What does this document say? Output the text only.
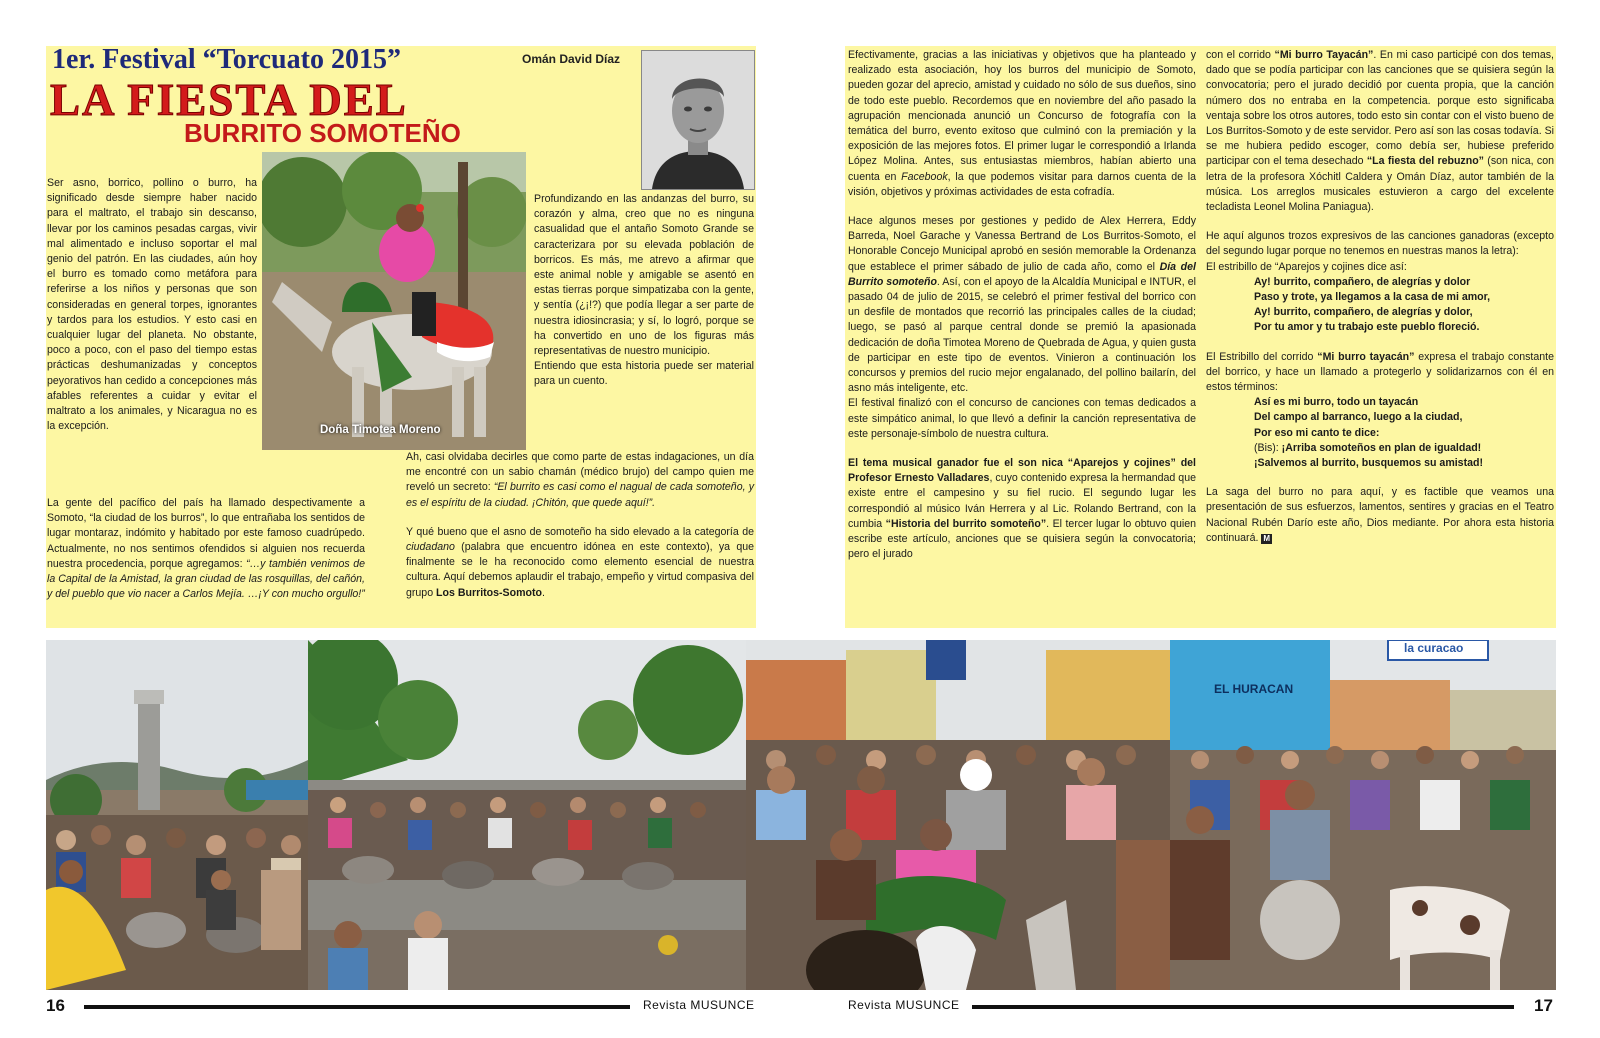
1er. Festival “Torcuato 2015”	Omán David Díaz
LA FIESTA DEL
BURRITO SOMOTEÑO
Doña Timotea Moreno

Ser asno, borrico, pollino o burro, ha significado desde siempre haber nacido para el maltrato, el trabajo sin descanso, llevar por los caminos pesadas cargas, vivir mal alimentado e incluso soportar el mal genio del patrón. En las ciudades, aún hoy el burro es tomado como metáfora para referirse a los niños y personas que son consideradas en general torpes, ignorantes y tardos para los estudios. Y esto casi en cualquier lugar del planeta. No obstante, poco a poco, con el paso del tiempo estas prácticas deshumanizadas y conceptos peyorativos han cedido a concepciones más afables referentes a cuidar y evitar el maltrato a los animales, y Nicaragua no es la excepción.

La gente del pacífico del país ha llamado despectivamente a Somoto, “la ciudad de los burros”, lo que entrañaba los sentidos de lugar montaraz, indómito y habitado por este famoso cuadrúpedo. Actualmente, no nos sentimos ofendidos si alguien nos recuerda nuestra procedencia, porque agregamos: “…y también venimos de la Capital de la Amistad, la gran ciudad de las rosquillas, del cañón, y del pueblo que vio nacer a Carlos Mejía. …¡Y con mucho orgullo!”

Profundizando en las andanzas del burro, su corazón y alma, creo que no es ninguna casualidad que el antaño Somoto Grande se caracterizara por su elevada población de borricos. Es más, me atrevo a afirmar que este animal noble y amigable se asentó en estas tierras porque simpatizaba con la gente, y sentía (¿¡!?) que podía llegar a ser parte de nuestra idiosincrasia; y sí, lo logró, porque se ha convertido en uno de los figuras más representativas de nuestro municipio.

Entiendo que esta historia puede ser material para un cuento.

Ah, casi olvidaba decirles que como parte de estas indagaciones, un día me encontré con un sabio chamán (médico brujo) del campo quien me reveló un secreto: “El burrito es casi como el nagual de cada somoteño, y es el espíritu de la ciudad. ¡Chitón, que quede aquí!”.

Y qué bueno que el asno de somoteño ha sido elevado a la categoría de ciudadano (palabra que encuentro idónea en este contexto), ya que finalmente se le ha reconocido como elemento esencial de nuestra cultura. Aquí debemos aplaudir el trabajo, empeño y virtud compasiva del grupo Los Burritos-Somoto.

Efectivamente, gracias a las iniciativas y objetivos que ha planteado y realizado esta asociación, hoy los burros del municipio de Somoto, pueden gozar del aprecio, amistad y cuidado no sólo de sus dueños, sino de todo este pueblo. Recordemos que en noviembre del año pasado la agrupación mencionada anunció un Concurso de fotografía con la temática del burro, evento exitoso que culminó con la premiación y la exposición de las mejores fotos. El primer lugar le correspondió a Irlanda López Molina. Antes, sus entusiastas miembros, habían abierto una cuenta en Facebook, la que podemos visitar para darnos cuenta de la visión, objetivos y próximas actividades de esta cofradía.

Hace algunos meses por gestiones y pedido de Alex Herrera, Eddy Barreda, Noel Garache y Vanessa Bertrand de Los Burritos-Somoto, el Honorable Concejo Municipal aprobó en sesión memorable la Ordenanza que establece el primer sábado de julio de cada año, como el Día del Burrito somoteño. Así, con el apoyo de la Alcaldía Municipal e INTUR, el pasado 04 de julio de 2015, se celebró el primer festival del borrico con un desfile de montados que recorrió las principales calles de la ciudad; luego, se pasó al parque central donde se premió la apasionada dedicación de doña Timotea Moreno de Quebrada de Agua, y quien gusta de participar en este tipo de eventos. Vinieron a continuación los concursos y premios del rucio mejor engalanado, del pollino bailarín, del asno más inteligente, etc.

El festival finalizó con el concurso de canciones con temas dedicados a este simpático animal, lo que llevó a definir la canción representativa de este personaje-símbolo de nuestra cultura.

El tema musical ganador fue el son nica “Aparejos y cojines” del Profesor Ernesto Valladares, cuyo contenido expresa la hermandad que existe entre el campesino y su fiel rucio. El segundo lugar les correspondió al músico Iván Herrera y al Lic. Rolando Bertrand, con la cumbia “Historia del burrito somoteño”. El tercer lugar lo obtuvo quien escribe este artículo, anciones que se quisiera según la convocatoria; pero el jurado

con el corrido “Mi burro Tayacán”. En mi caso participé con dos temas, dado que se podía participar con las canciones que se quisiera según la convocatoria; pero el jurado decidió por cuenta propia, que la canción número dos no entraba en la competencia. porque esto significaba ventaja sobre los otros autores, todo esto sin contar con el visto bueno de Los Burritos-Somoto y de este servidor. Pero así son las cosas todavía. Si se me hubiera pedido escoger, como debía ser, hubiese preferido participar con el tema desechado “La fiesta del rebuzno” (son nica, con letra de la profesora Xóchitl Caldera y Omán Díaz, autor también de la música. Los arreglos musicales estuvieron a cargo del excelente tecladista Leonel Molina Paniagua).

He aquí algunos trozos expresivos de las canciones ganadoras (excepto del segundo lugar porque no tenemos en nuestras manos la letra):

El estribillo de “Aparejos y cojines dice así:

Ay! burrito, compañero, de alegrías y dolor
Paso y trote, ya llegamos a la casa de mi amor,
Ay! burrito, compañero, de alegrías y dolor,
Por tu amor y tu trabajo este pueblo floreció.

El Estribillo del corrido “Mi burro tayacán” expresa el trabajo constante del borrico, y hace un llamado a protegerlo y solidarizarnos con él en estos términos:

Así es mi burro, todo un tayacán
Del campo al barranco, luego a la ciudad,
Por eso mi canto te dice:
(Bis): ¡Arriba somoteños en plan de igualdad!
¡Salvemos al burrito, busquemos su amistad!

La saga del burro no para aquí, y es factible que veamos una presentación de sus esfuerzos, lamentos, sentires y gracias en el Teatro Nacional Rubén Darío este año, Dios mediante. Por ahora esta historia continuará. M

la curacao
EL HURACAN
16	Revista MUSUNCE	Revista MUSUNCE	17
